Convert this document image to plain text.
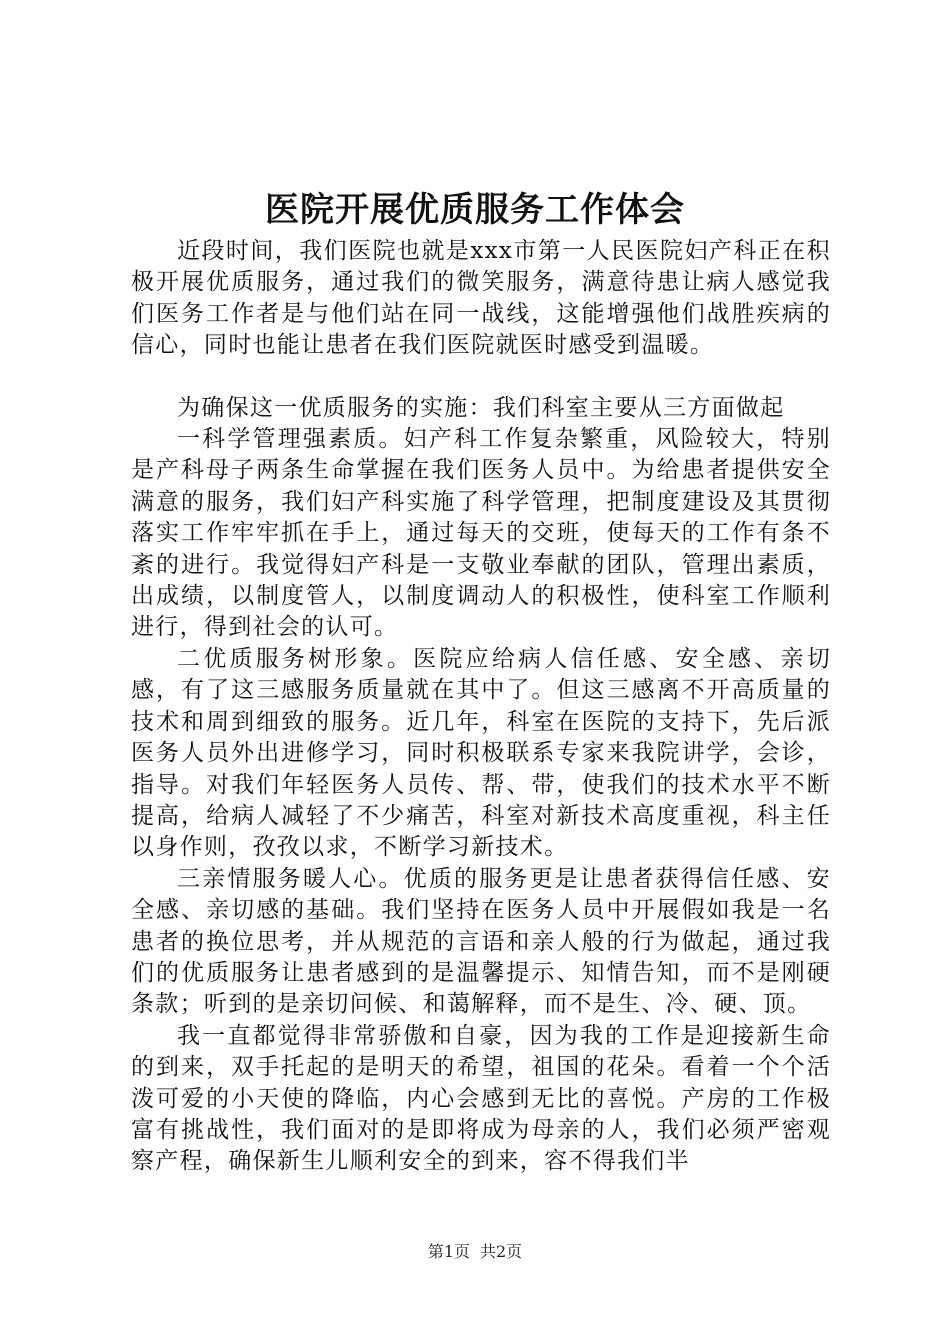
医院开展优质服务工作体会

近段时间，我们医院也就是xxx市第一人民医院妇产科正在积极开展优质服务，通过我们的微笑服务，满意待患让病人感觉我们医务工作者是与他们站在同一战线，这能增强他们战胜疾病的信心，同时也能让患者在我们医院就医时感受到温暖。

为确保这一优质服务的实施：我们科室主要从三方面做起

一科学管理强素质。妇产科工作复杂繁重，风险较大，特别是产科母子两条生命掌握在我们医务人员中。为给患者提供安全满意的服务，我们妇产科实施了科学管理，把制度建设及其贯彻落实工作牢牢抓在手上，通过每天的交班，使每天的工作有条不紊的进行。我觉得妇产科是一支敬业奉献的团队，管理出素质，出成绩，以制度管人，以制度调动人的积极性，使科室工作顺利进行，得到社会的认可。

二优质服务树形象。医院应给病人信任感、安全感、亲切感，有了这三感服务质量就在其中了。但这三感离不开高质量的技术和周到细致的服务。近几年，科室在医院的支持下，先后派医务人员外出进修学习，同时积极联系专家来我院讲学，会诊，指导。对我们年轻医务人员传、帮、带，使我们的技术水平不断提高，给病人减轻了不少痛苦，科室对新技术高度重视，科主任以身作则，孜孜以求，不断学习新技术。

三亲情服务暖人心。优质的服务更是让患者获得信任感、安全感、亲切感的基础。我们坚持在医务人员中开展假如我是一名患者的换位思考，并从规范的言语和亲人般的行为做起，通过我们的优质服务让患者感到的是温馨提示、知情告知，而不是刚硬条款；听到的是亲切问候、和蔼解释，而不是生、冷、硬、顶。

我一直都觉得非常骄傲和自豪，因为我的工作是迎接新生命的到来，双手托起的是明天的希望，祖国的花朵。看着一个个活泼可爱的小天使的降临，内心会感到无比的喜悦。产房的工作极富有挑战性，我们面对的是即将成为母亲的人，我们必须严密观察产程，确保新生儿顺利安全的到来，容不得我们半

第1页 共2页
